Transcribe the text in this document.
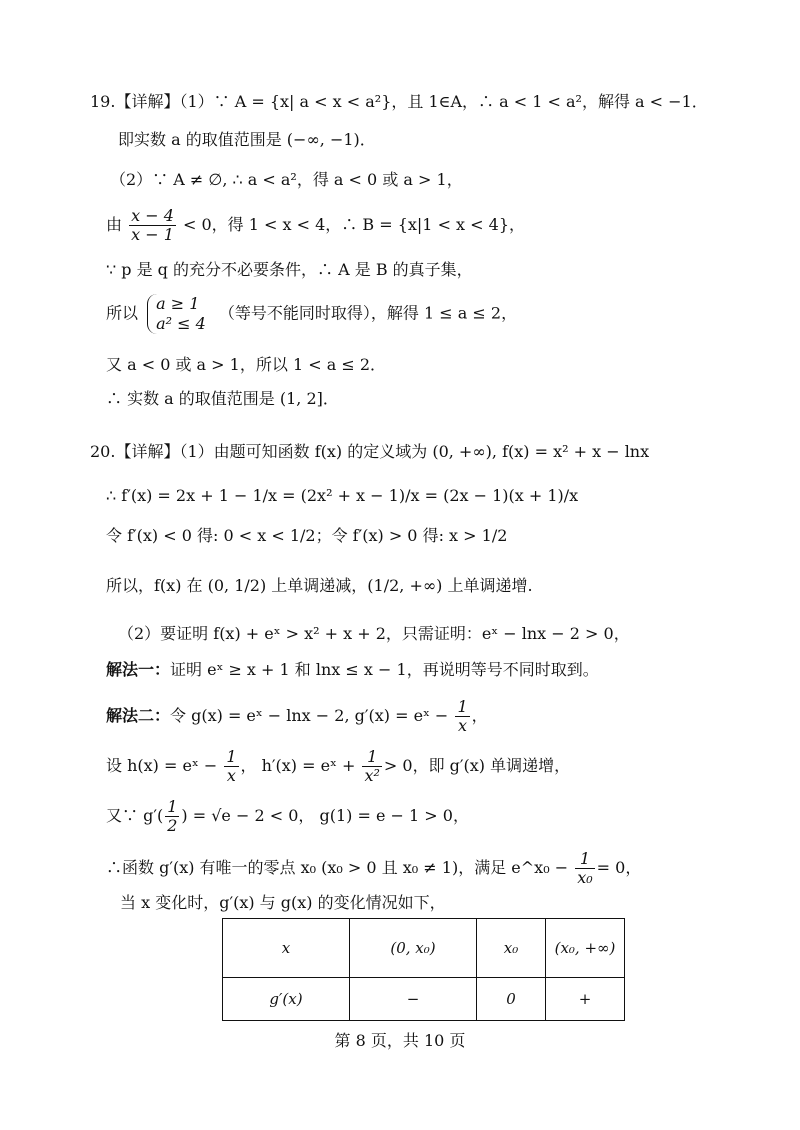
19.【详解】（1）∵ A = {x| a < x < a²}，且 1∈A，∴ a < 1 < a²，解得 a < −1．
即实数 a 的取值范围是 (−∞, −1)．
（2）∵ A ≠ ∅, ∴ a < a²，得 a < 0 或 a > 1，
由 $\frac{x - 4}{x - 1} < 0$，得 1 < x < 4，∴ B = {x|1 < x < 4}，
∵ p 是 q 的充分不必要条件，∴ A 是 B 的真子集，
所以 a ≥ 1
a² ≤ 4
（等号不能同时取得），解得 1 ≤ a ≤ 2，
又 a < 0 或 a > 1，所以 1 < a ≤ 2．
∴ 实数 a 的取值范围是 (1, 2]．
20.【详解】（1）由题可知函数 f(x) 的定义域为 (0, +∞), f(x) = x² + x − lnx
∴ f′(x) = 2x + 1 − 1/x = (2x² + x − 1)/x = (2x − 1)(x + 1)/x
令 f′(x) < 0 得: 0 < x < 1/2；令 f′(x) > 0 得: x > 1/2
所以，f(x) 在 (0, 1/2) 上单调递减，(1/2, +∞) 上单调递增.
（2）要证明 f(x) + eˣ > x² + x + 2，只需证明：eˣ − lnx − 2 > 0，
解法一：证明 eˣ ≥ x + 1 和 lnx ≤ x − 1，再说明等号不同时取到。
解法二：令 g(x) = eˣ − lnx − 2, g′(x) = eˣ − $\frac{1}{x}$ ，
设 h(x) = eˣ − $\frac{1}{x}$ ， h′(x) = eˣ + $\frac{1}{\text{x²}} > 0$，即 g′(x) 单调递增，
又∵ $g'( \frac{1}{2}$ ) = √e − 2 < 0， g(1) = e − 1 > 0，
∴函数 g′(x) 有唯一的零点 x₀ (x₀ > 0 且 x₀ ≠ 1)，满足 e^x₀ − $\frac{1}{\text{x₀}} = 0$，
当 x 变化时，g′(x) 与 g(x) 的变化情况如下，
x	(0, x₀)	x₀	(x₀, +∞)
g′(x)	−	0	+
第 8 页，共 10 页
